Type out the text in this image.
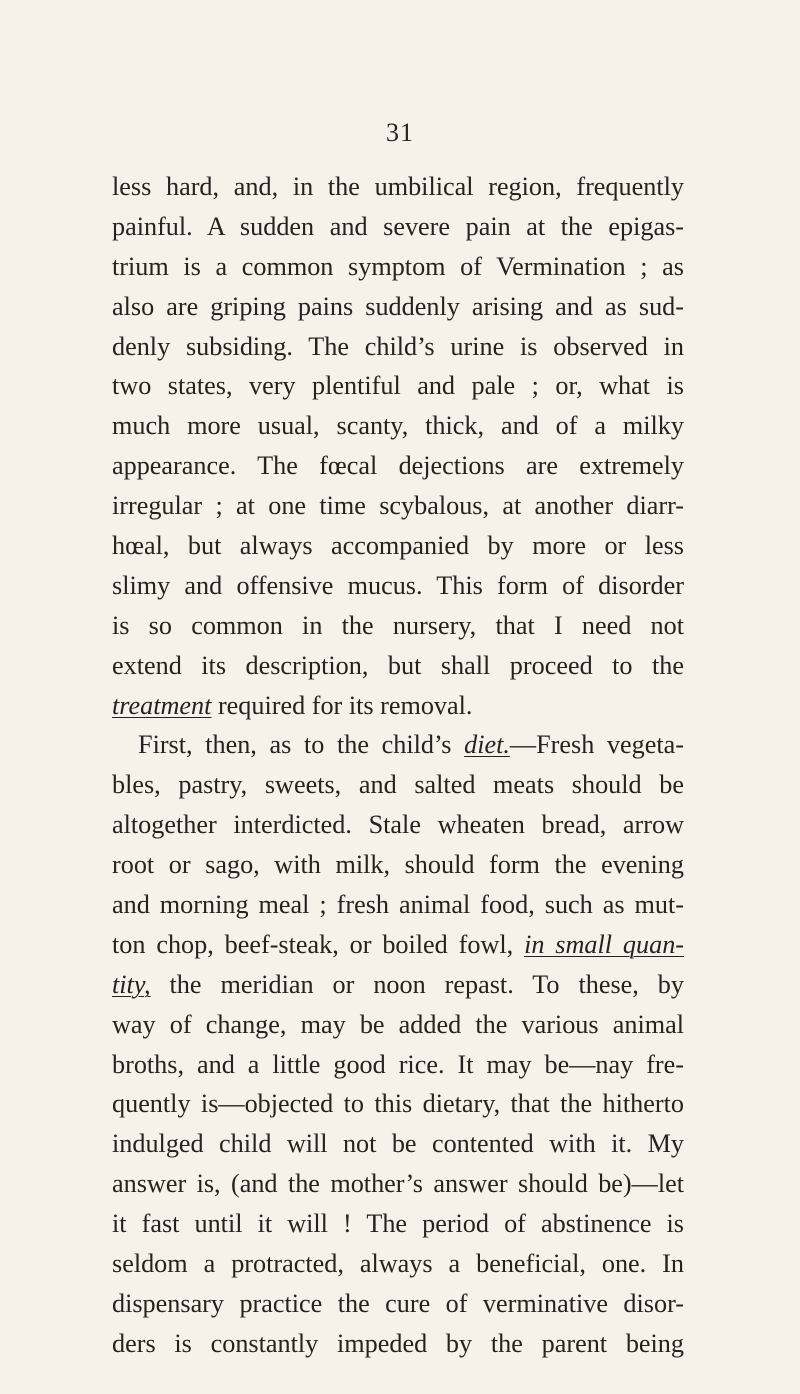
31
less hard, and, in the umbilical region, frequently
painful. A sudden and severe pain at the epigas-
trium is a common symptom of Vermination ; as
also are griping pains suddenly arising and as sud-
denly subsiding. The child’s urine is observed in
two states, very plentiful and pale ; or, what is
much more usual, scanty, thick, and of a milky
appearance. The fœcal dejections are extremely
irregular ; at one time scybalous, at another diarr-
hœal, but always accompanied by more or less
slimy and offensive mucus. This form of disorder
is so common in the nursery, that I need not
extend its description, but shall proceed to the
treatment required for its removal.
First, then, as to the child’s diet.—Fresh vegeta-
bles, pastry, sweets, and salted meats should be
altogether interdicted. Stale wheaten bread, arrow
root or sago, with milk, should form the evening
and morning meal ; fresh animal food, such as mut-
ton chop, beef-steak, or boiled fowl, in small quan-
tity, the meridian or noon repast. To these, by
way of change, may be added the various animal
broths, and a little good rice. It may be—nay fre-
quently is—objected to this dietary, that the hitherto
indulged child will not be contented with it. My
answer is, (and the mother’s answer should be)—let
it fast until it will ! The period of abstinence is
seldom a protracted, always a beneficial, one. In
dispensary practice the cure of verminative disor-
ders is constantly impeded by the parent being
